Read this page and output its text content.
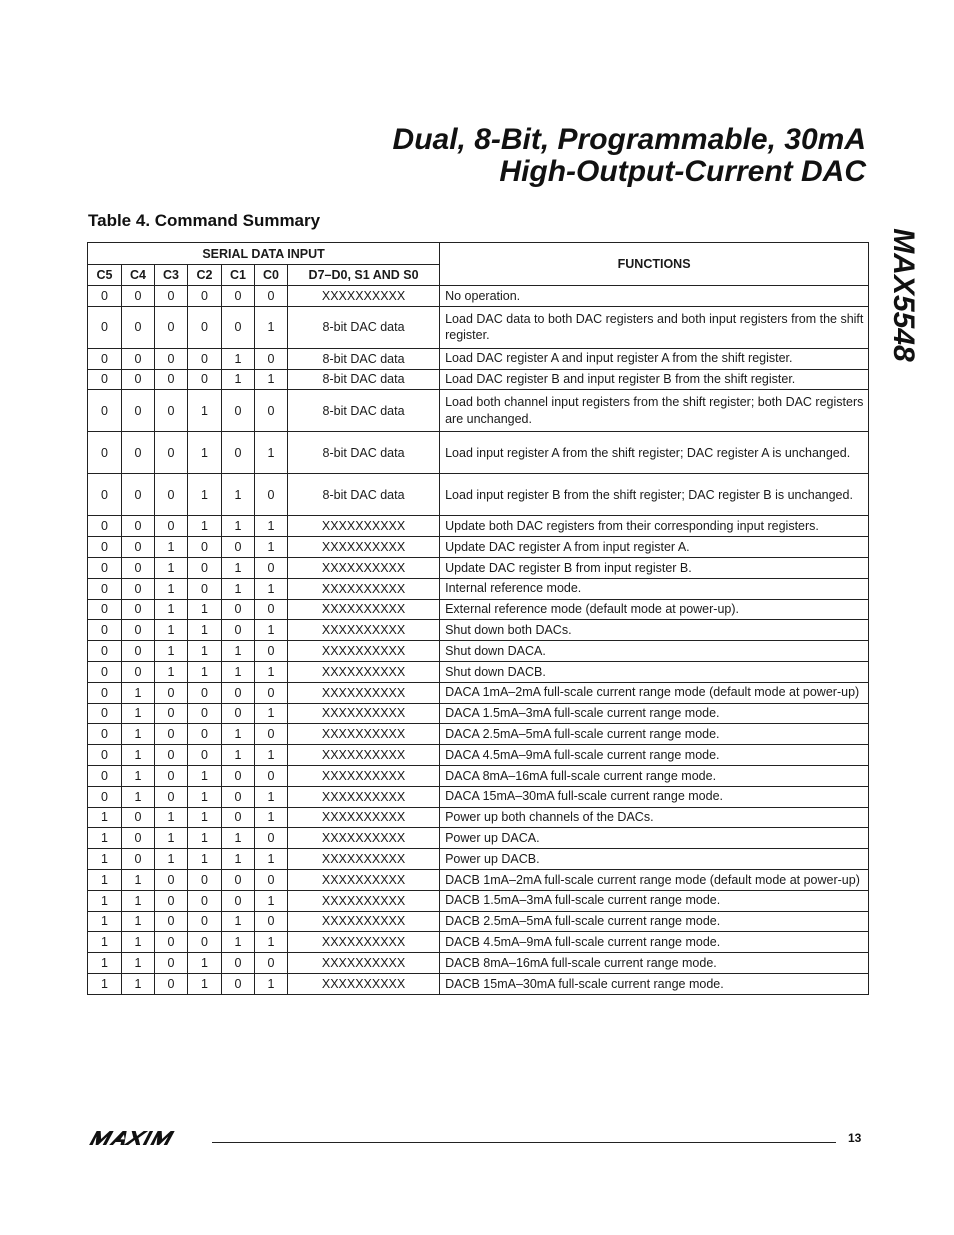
Dual, 8-Bit, Programmable, 30mA
High-Output-Current DAC
MAX5548
Table 4. Command Summary
SERIAL DATA INPUT							FUNCTIONS
C5	C4	C3	C2	C1	C0	D7–D0, S1 AND S0	
0	0	0	0	0	0	XXXXXXXXXX	No operation.
0	0	0	0	0	1	8-bit DAC data	Load DAC data to both DAC registers and both input registers from the shift register.
0	0	0	0	1	0	8-bit DAC data	Load DAC register A and input register A from the shift register.
0	0	0	0	1	1	8-bit DAC data	Load DAC register B and input register B from the shift register.
0	0	0	1	0	0	8-bit DAC data	Load both channel input registers from the shift register; both DAC registers are unchanged.
0	0	0	1	0	1	8-bit DAC data	Load input register A from the shift register; DAC register A is unchanged.
0	0	0	1	1	0	8-bit DAC data	Load input register B from the shift register; DAC register B is unchanged.
0	0	0	1	1	1	XXXXXXXXXX	Update both DAC registers from their corresponding input registers.
0	0	1	0	0	1	XXXXXXXXXX	Update DAC register A from input register A.
0	0	1	0	1	0	XXXXXXXXXX	Update DAC register B from input register B.
0	0	1	0	1	1	XXXXXXXXXX	Internal reference mode.
0	0	1	1	0	0	XXXXXXXXXX	External reference mode (default mode at power-up).
0	0	1	1	0	1	XXXXXXXXXX	Shut down both DACs.
0	0	1	1	1	0	XXXXXXXXXX	Shut down DACA.
0	0	1	1	1	1	XXXXXXXXXX	Shut down DACB.
0	1	0	0	0	0	XXXXXXXXXX	DACA 1mA–2mA full-scale current range mode (default mode at power-up)
0	1	0	0	0	1	XXXXXXXXXX	DACA 1.5mA–3mA full-scale current range mode.
0	1	0	0	1	0	XXXXXXXXXX	DACA 2.5mA–5mA full-scale current range mode.
0	1	0	0	1	1	XXXXXXXXXX	DACA 4.5mA–9mA full-scale current range mode.
0	1	0	1	0	0	XXXXXXXXXX	DACA 8mA–16mA full-scale current range mode.
0	1	0	1	0	1	XXXXXXXXXX	DACA 15mA–30mA full-scale current range mode.
1	0	1	1	0	1	XXXXXXXXXX	Power up both channels of the DACs.
1	0	1	1	1	0	XXXXXXXXXX	Power up DACA.
1	0	1	1	1	1	XXXXXXXXXX	Power up DACB.
1	1	0	0	0	0	XXXXXXXXXX	DACB 1mA–2mA full-scale current range mode (default mode at power-up)
1	1	0	0	0	1	XXXXXXXXXX	DACB 1.5mA–3mA full-scale current range mode.
1	1	0	0	1	0	XXXXXXXXXX	DACB 2.5mA–5mA full-scale current range mode.
1	1	0	0	1	1	XXXXXXXXXX	DACB 4.5mA–9mA full-scale current range mode.
1	1	0	1	0	0	XXXXXXXXXX	DACB 8mA–16mA full-scale current range mode.
1	1	0	1	0	1	XXXXXXXXXX	DACB 15mA–30mA full-scale current range mode.
13
